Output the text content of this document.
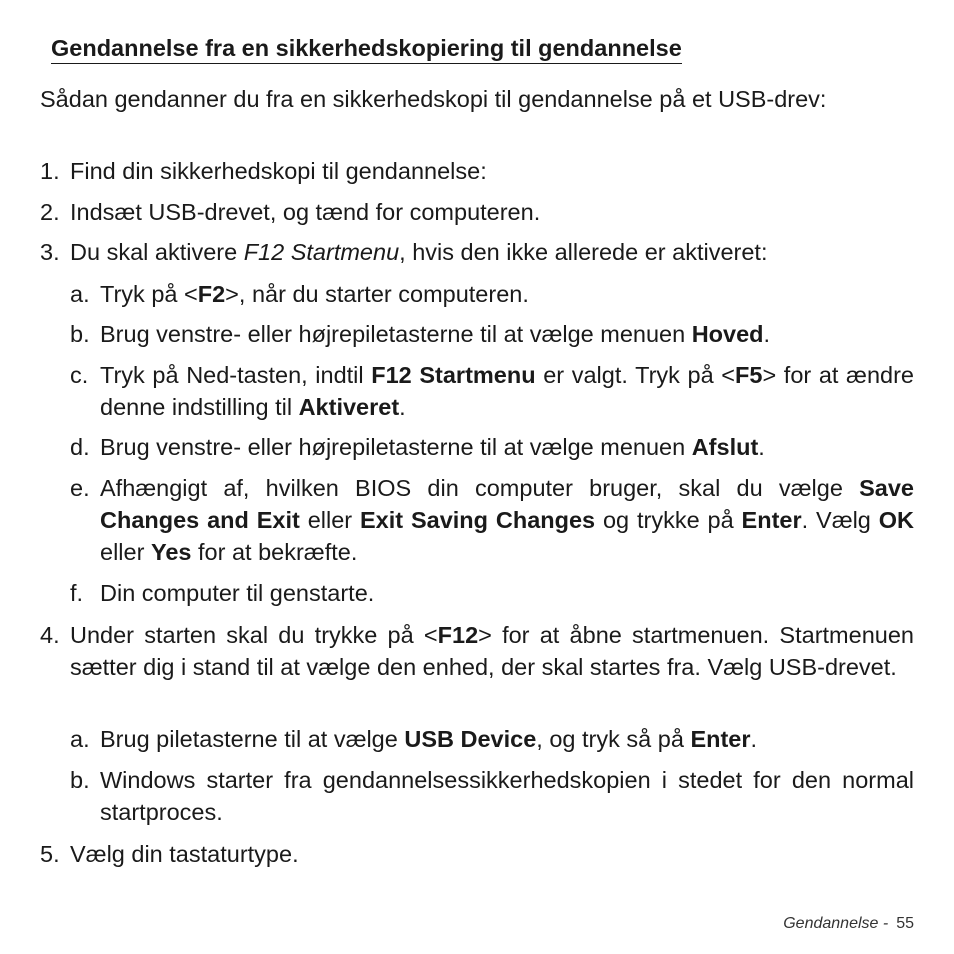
Gendannelse fra en sikkerhedskopiering til gendannelse

Sådan gendanner du fra en sikkerhedskopi til gendannelse på et USB-drev:

1. Find din sikkerhedskopi til gendannelse:
2. Indsæt USB-drevet, og tænd for computeren.
3. Du skal aktivere F12 Startmenu, hvis den ikke allerede er aktiveret:
a. Tryk på <F2>, når du starter computeren.
b. Brug venstre- eller højrepiletasterne til at vælge menuen Hoved.
c. Tryk på Ned-tasten, indtil F12 Startmenu er valgt. Tryk på <F5> for at ændre denne indstilling til Aktiveret.
d. Brug venstre- eller højrepiletasterne til at vælge menuen Afslut.
e. Afhængigt af, hvilken BIOS din computer bruger, skal du vælge Save Changes and Exit eller Exit Saving Changes og trykke på Enter. Vælg OK eller Yes for at bekræfte.
f. Din computer til genstarte.
4. Under starten skal du trykke på <F12> for at åbne startmenuen. Startmenuen sætter dig i stand til at vælge den enhed, der skal startes fra. Vælg USB-drevet.
a. Brug piletasterne til at vælge USB Device, og tryk så på Enter.
b. Windows starter fra gendannelsessikkerhedskopien i stedet for den normal startproces.
5. Vælg din tastaturtype.
Gendannelse - 55
